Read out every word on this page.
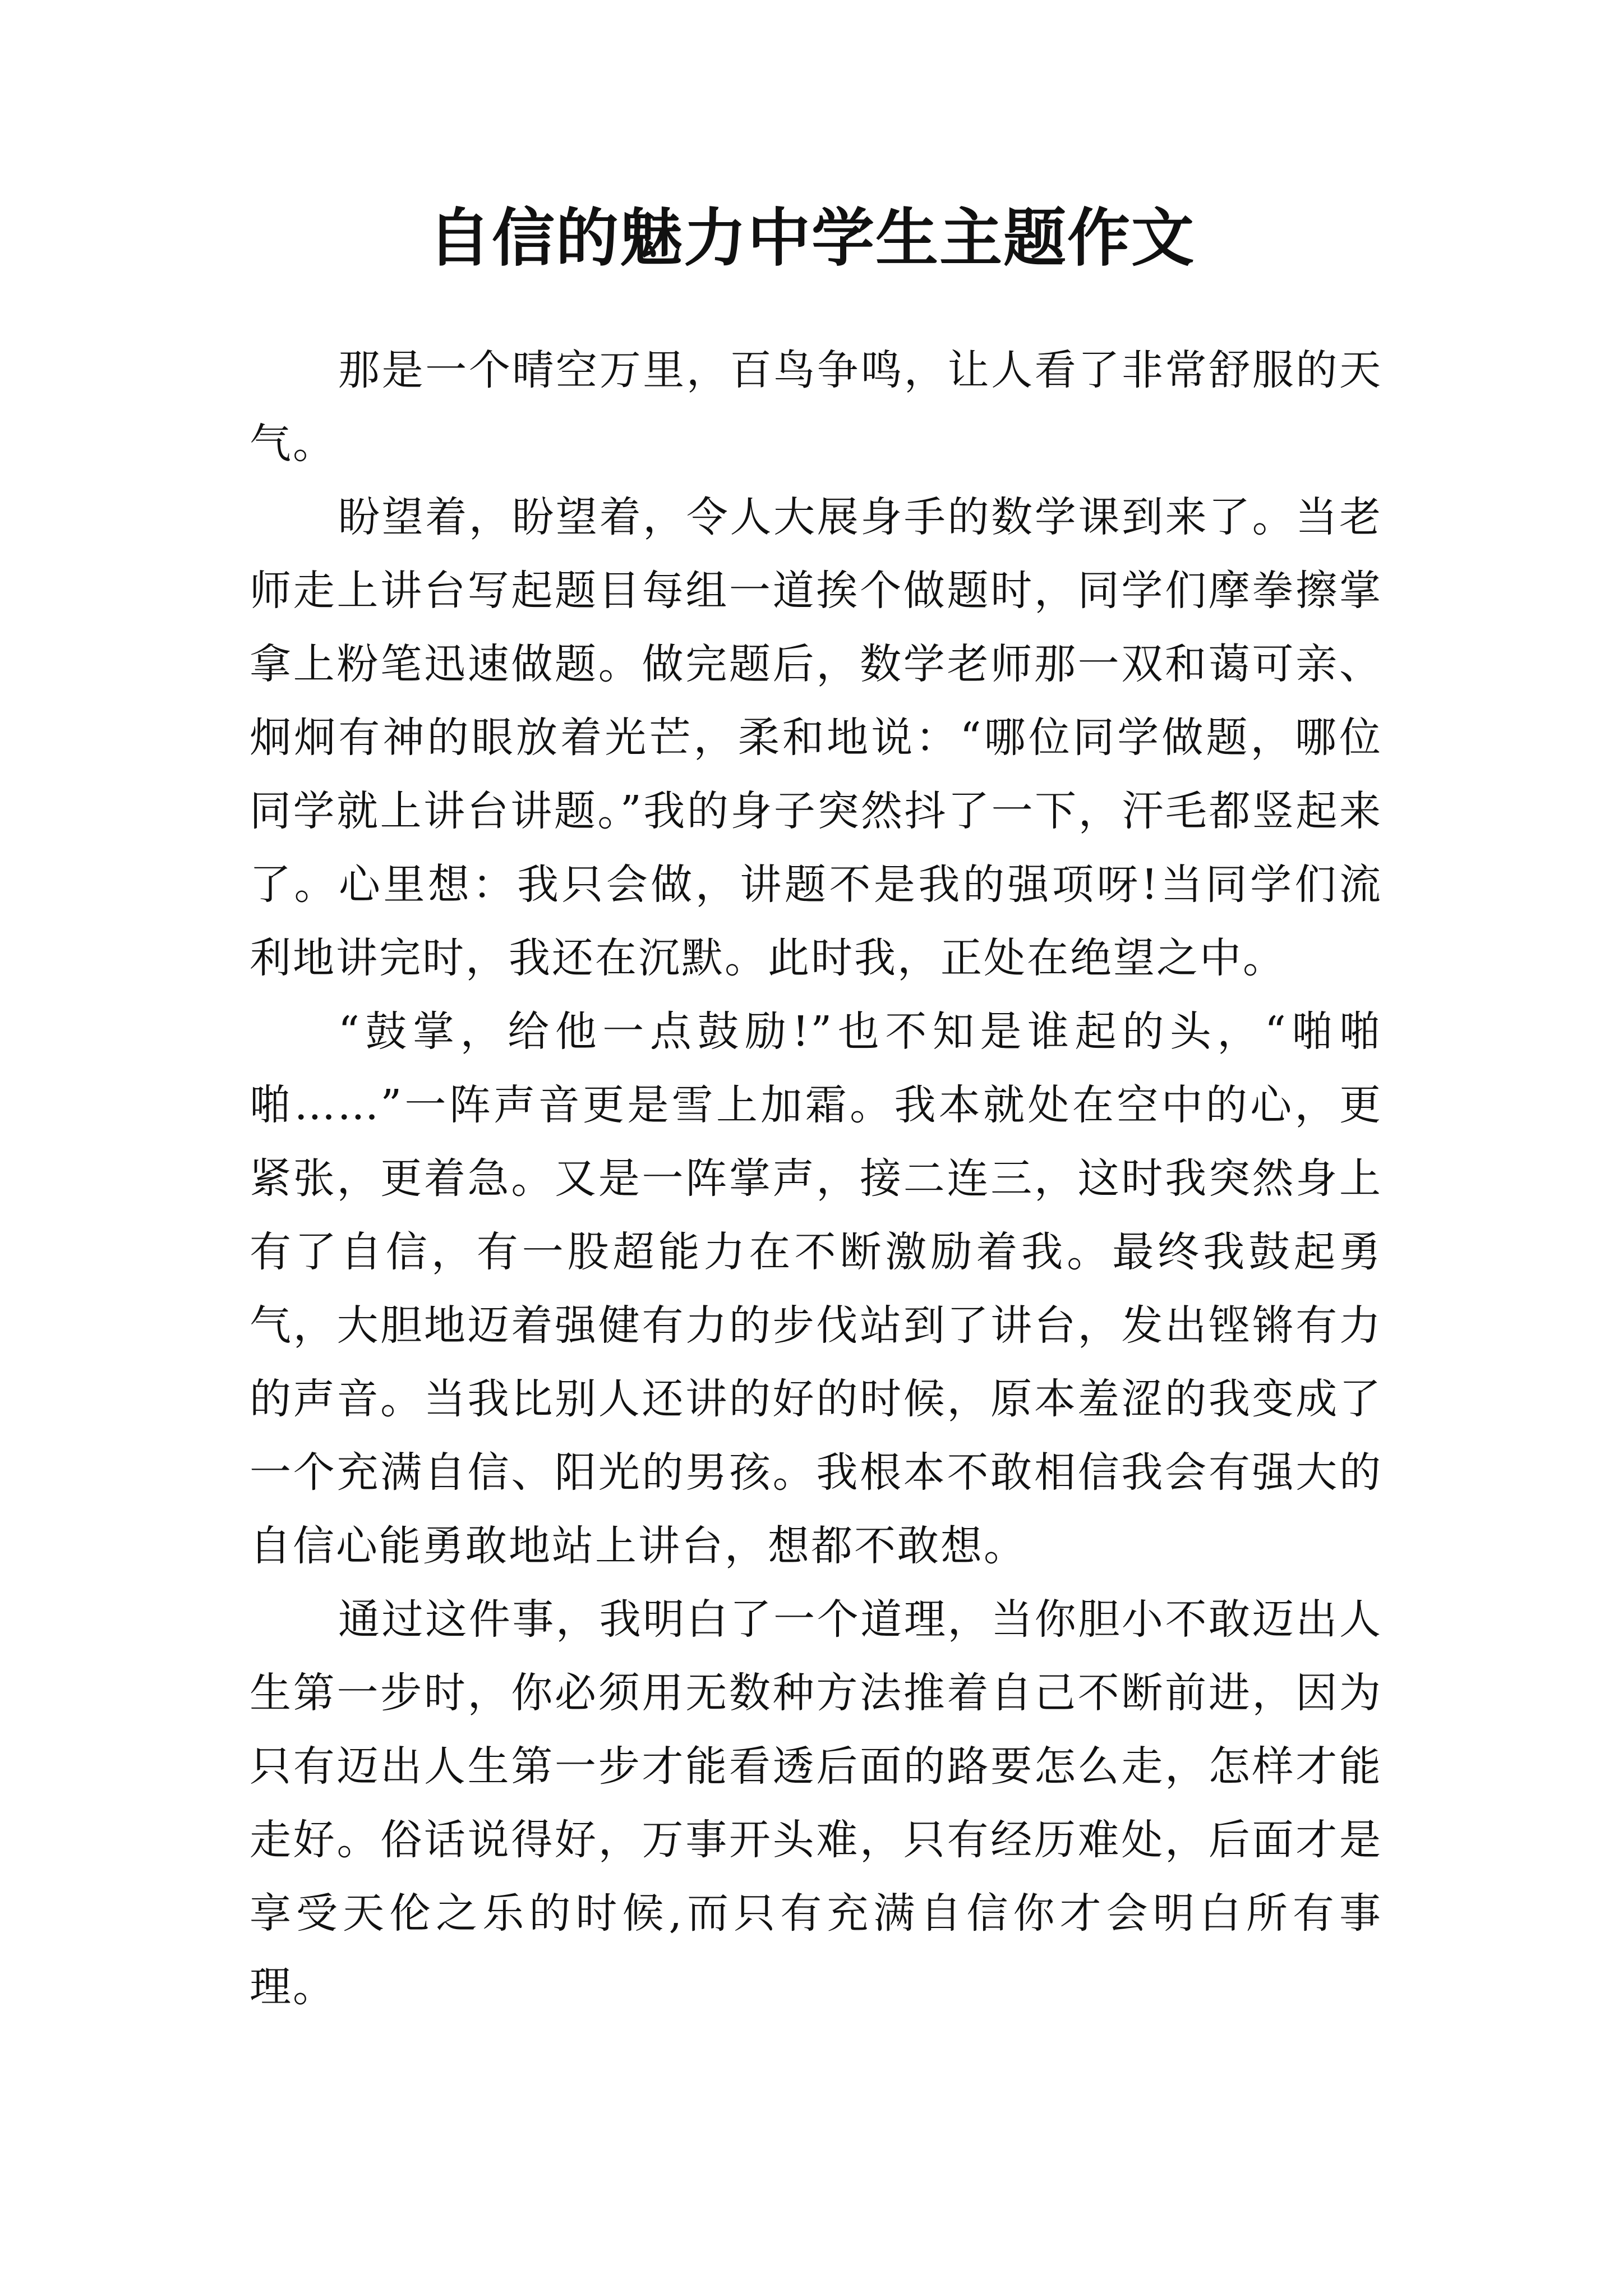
自信的魅力中学生主题作文

那是一个晴空万里，百鸟争鸣，让人看了非常舒服的天气。

盼望着，盼望着，令人大展身手的数学课到来了。当老师走上讲台写起题目每组一道挨个做题时，同学们摩拳擦掌拿上粉笔迅速做题。做完题后，数学老师那一双和蔼可亲、炯炯有神的眼放着光芒，柔和地说：“哪位同学做题，哪位同学就上讲台讲题。”我的身子突然抖了一下，汗毛都竖起来了。心里想：我只会做，讲题不是我的强项呀!当同学们流利地讲完时，我还在沉默。此时我，正处在绝望之中。

“鼓掌，给他一点鼓励!”也不知是谁起的头，“啪啪啪……”一阵声音更是雪上加霜。我本就处在空中的心，更紧张，更着急。又是一阵掌声，接二连三，这时我突然身上有了自信，有一股超能力在不断激励着我。最终我鼓起勇气，大胆地迈着强健有力的步伐站到了讲台，发出铿锵有力的声音。当我比别人还讲的好的时候，原本羞涩的我变成了一个充满自信、阳光的男孩。我根本不敢相信我会有强大的自信心能勇敢地站上讲台，想都不敢想。

通过这件事，我明白了一个道理，当你胆小不敢迈出人生第一步时，你必须用无数种方法推着自己不断前进，因为只有迈出人生第一步才能看透后面的路要怎么走，怎样才能走好。俗话说得好，万事开头难，只有经历难处，后面才是享受天伦之乐的时候,而只有充满自信你才会明白所有事理。
